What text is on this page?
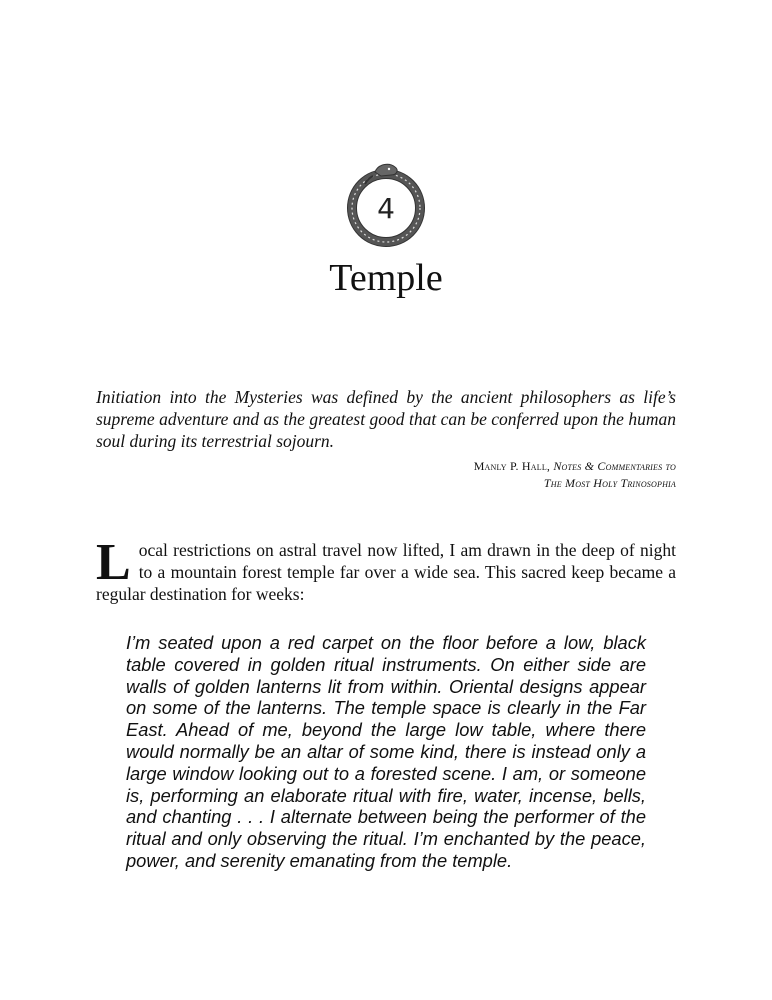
4
Temple
Initiation into the Mysteries was defined by the ancient philosophers as life’s supreme adventure and as the greatest good that can be conferred upon the human soul during its terrestrial sojourn.
Manly P. Hall, Notes & Commentaries to
The Most Holy Trinosophia
Local restrictions on astral travel now lifted, I am drawn in the deep of night to a mountain forest temple far over a wide sea. This sacred keep became a regular destination for weeks:
I’m seated upon a red carpet on the floor before a low, black table covered in golden ritual instruments. On either side are walls of golden lanterns lit from within. Oriental designs appear on some of the lanterns. The temple space is clearly in the Far East. Ahead of me, beyond the large low table, where there would normally be an altar of some kind, there is instead only a large window looking out to a forested scene. I am, or someone is, performing an elaborate ritual with fire, water, incense, bells, and chanting . . . I alternate between being the performer of the ritual and only observing the ritual. I’m enchanted by the peace, power, and serenity emanating from the temple.
